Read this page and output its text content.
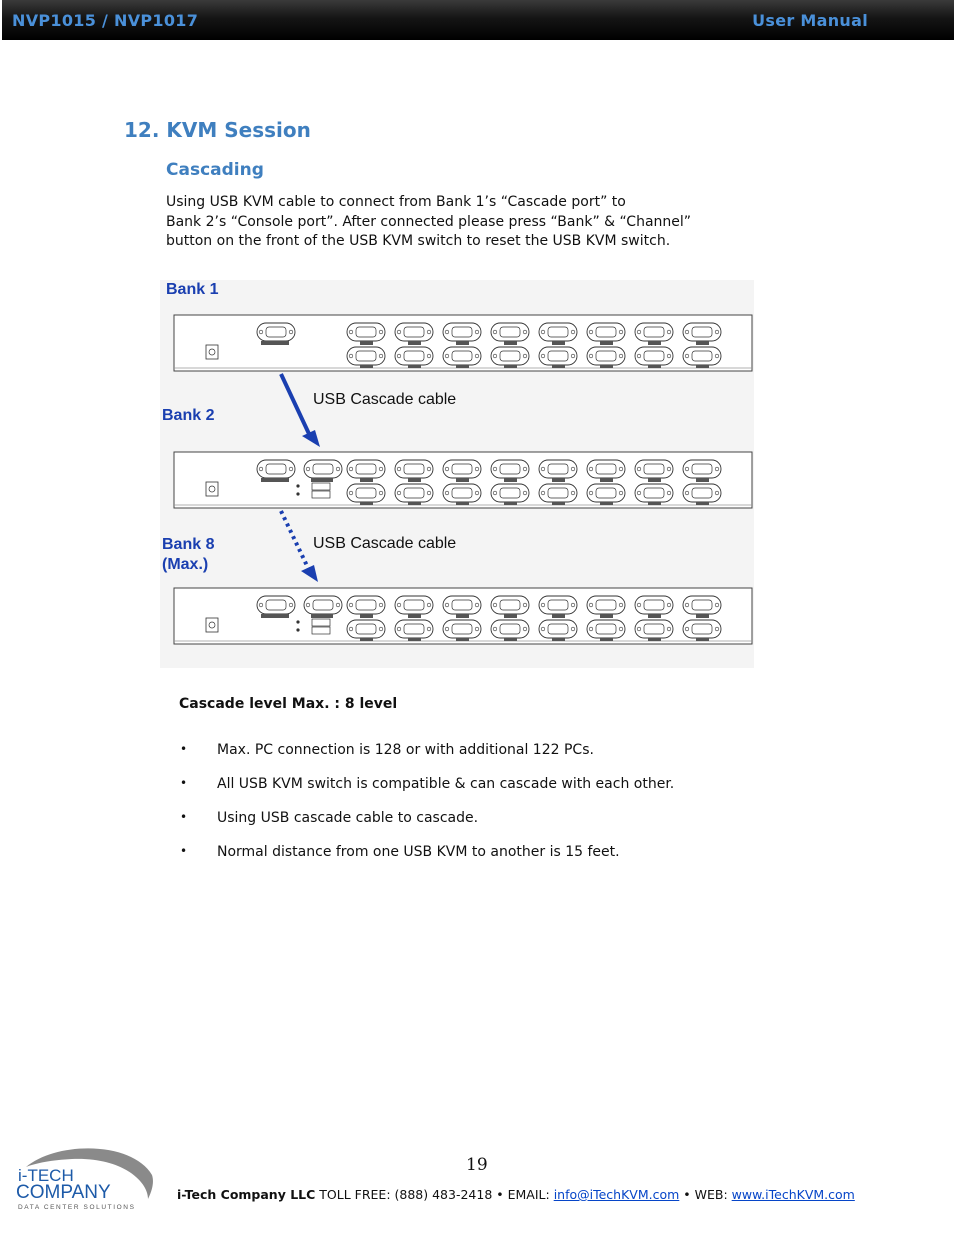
NVP1015 / NVP1017	User Manual
12. KVM Session
Cascading

Using USB KVM cable to connect from Bank 1’s “Cascade port” to
Bank 2’s “Console port”. After connected please press “Bank” & “Channel”
button on the front of the USB KVM switch to reset the USB KVM switch.

Bank 1
Bank 2
Bank 8
(Max.)
USB Cascade cable
USB Cascade cable
Cascade level Max. : 8 level
• Max. PC connection is 128 or with additional 122 PCs.
• All USB KVM switch is compatible & can cascade with each other.
• Using USB cascade cable to cascade.
• Normal distance from one USB KVM to another is 15 feet.
19
i-TECH
COMPANY
DATA CENTER SOLUTIONS
i-Tech Company LLC TOLL FREE: (888) 483-2418 • EMAIL: info@iTechKVM.com • WEB: www.iTechKVM.com
